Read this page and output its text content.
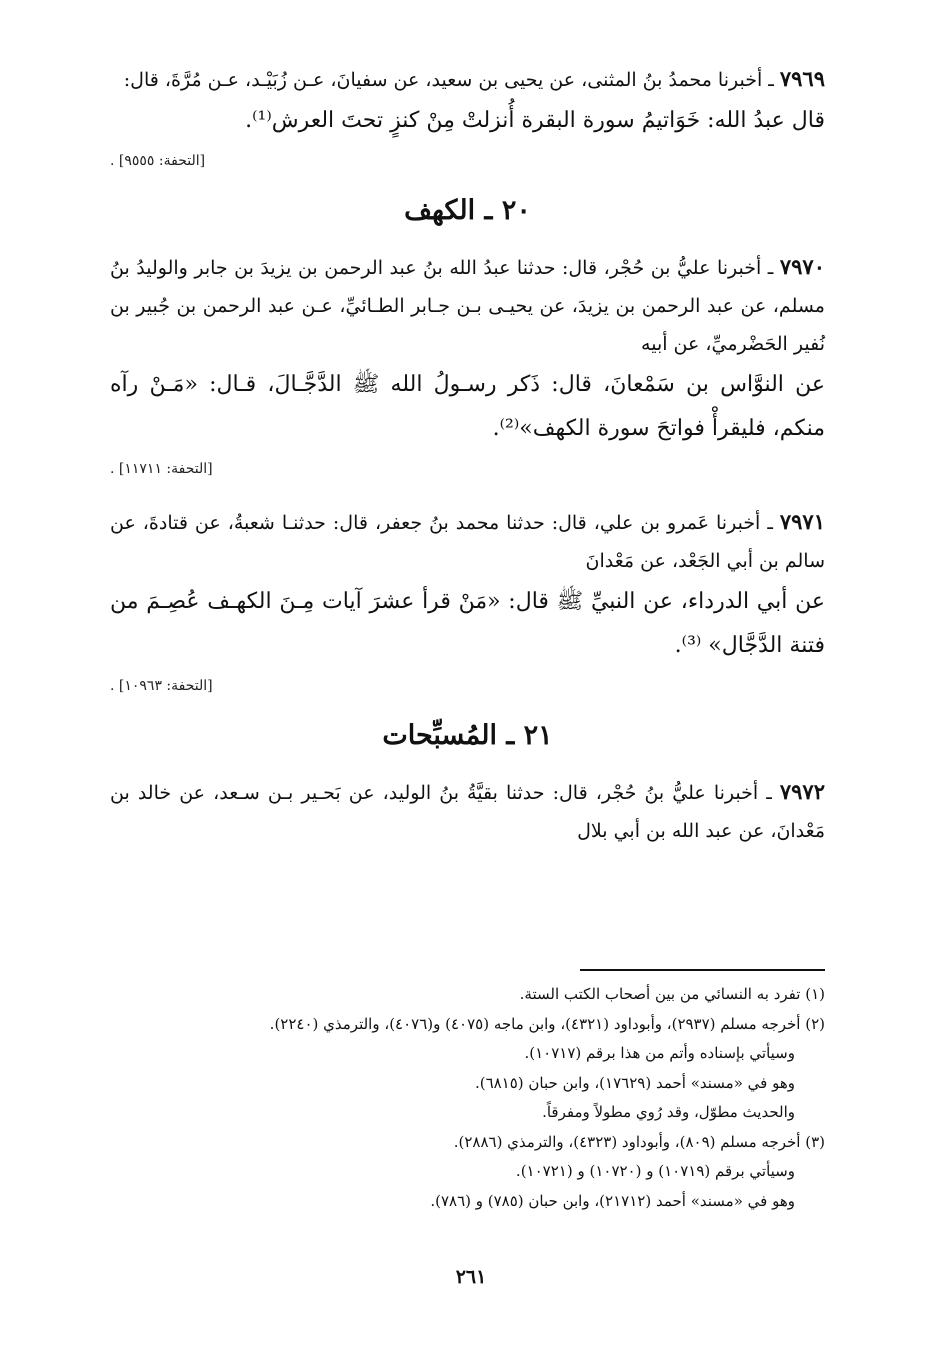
٧٩٦٩ ـ أخبرنا محمدُ بنُ المثنى، عن يحيى بن سعيد، عن سفيانَ، عـن زُبَيْـد، عـن مُرَّةَ، قال:

قال عبدُ الله: خَوَاتيمُ سورة البقرة أُنزلتْ مِنْ كنزٍ تحتَ العرش⁽¹⁾.

[التحفة: ٩٥٥٥] .
٢٠ ـ الكهف

٧٩٧٠ ـ أخبرنا عليُّ بن حُجْر، قال: حدثنا عبدُ الله بنُ عبد الرحمن بن يزيدَ بن جابر والوليدُ بنُ مسلم، عن عبد الرحمن بن يزيدَ، عن يحيـى بـن جـابر الطـائيِّ، عـن عبد الرحمن بن جُبير بن نُفير الحَضْرميِّ، عن أبيه

عن النوَّاس بن سَمْعانَ، قال: ذَكر رسـولُ الله ﷺ الدَّجَّـالَ، قـال: «مَـنْ رآه منكم، فليقرأْ فواتحَ سورة الكهف»⁽²⁾.

[التحفة: ١١٧١١] .

٧٩٧١ ـ أخبرنا عَمرو بن علي، قال: حدثنا محمد بنُ جعفر، قال: حدثنـا شعبةُ، عن قتادةَ، عن سالم بن أبي الجَعْد، عن مَعْدانَ

عن أبي الدرداء، عن النبيِّ ﷺ قال: «مَنْ قرأ عشرَ آيات مِـنَ الكهـف عُصِـمَ من فتنة الدَّجَّال» ⁽³⁾.

[التحفة: ١٠٩٦٣] .
٢١ ـ المُسبِّحات

٧٩٧٢ ـ أخبرنا عليُّ بنُ حُجْر، قال: حدثنا بقيَّةُ بنُ الوليد، عن بَحـير بـن سـعد، عن خالد بن مَعْدانَ، عن عبد الله بن أبي بلال

(١) تفرد به النسائي من بين أصحاب الكتب الستة.

(٢) أخرجه مسلم (٢٩٣٧)، وأبوداود (٤٣٢١)، وابن ماجه (٤٠٧٥) و(٤٠٧٦)، والترمذي (٢٢٤٠).

وسيأتي بإسناده وأتم من هذا برقم (١٠٧١٧).

وهو في «مسند» أحمد (١٧٦٢٩)، وابن حبان (٦٨١٥).

والحديث مطوّل، وقد رُوي مطولاً ومفرقاً.

(٣) أخرجه مسلم (٨٠٩)، وأبوداود (٤٣٢٣)، والترمذي (٢٨٨٦).

وسيأتي برقم (١٠٧١٩) و (١٠٧٢٠) و (١٠٧٢١).

وهو في «مسند» أحمد (٢١٧١٢)، وابن حبان (٧٨٥) و (٧٨٦).

٢٦١
